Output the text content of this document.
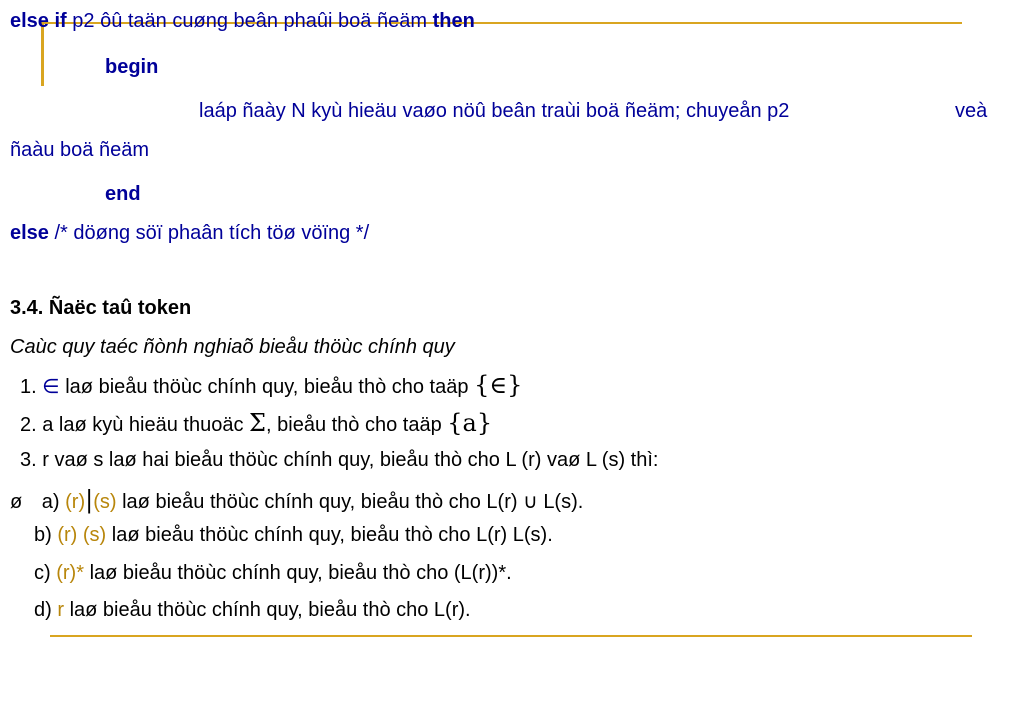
else if p2 ôû taän cuøng beân phaûi boä ñeäm then
begin
laáp ñaày N kyù hieäu vaøo nöû beân traùi boä ñeäm; chuyeån p2	veà
ñaàu boä ñeäm
end
else /* döøng söï phaân tích töø vöïng */
3.4. Ñaëc taû token
Caùc quy taéc ñònh nghiaõ bieåu thöùc chính quy
1. ∈ laø bieåu thöùc chính quy, bieåu thò cho taäp {∈}
2. a laø kyù hieäu thuoäc Σ, bieåu thò cho taäp {a}
3. r vaø s laø hai bieåu thöùc chính quy, bieåu thò cho L (r) vaø L (s) thì:
ø a) (r)|(s) laø bieåu thöùc chính quy, bieåu thò cho L(r) ∪ L(s).
b) (r) (s) laø bieåu thöùc chính quy, bieåu thò cho L(r) L(s).
c) (r)* laø bieåu thöùc chính quy, bieåu thò cho (L(r))*.
d) r laø bieåu thöùc chính quy, bieåu thò cho L(r).
